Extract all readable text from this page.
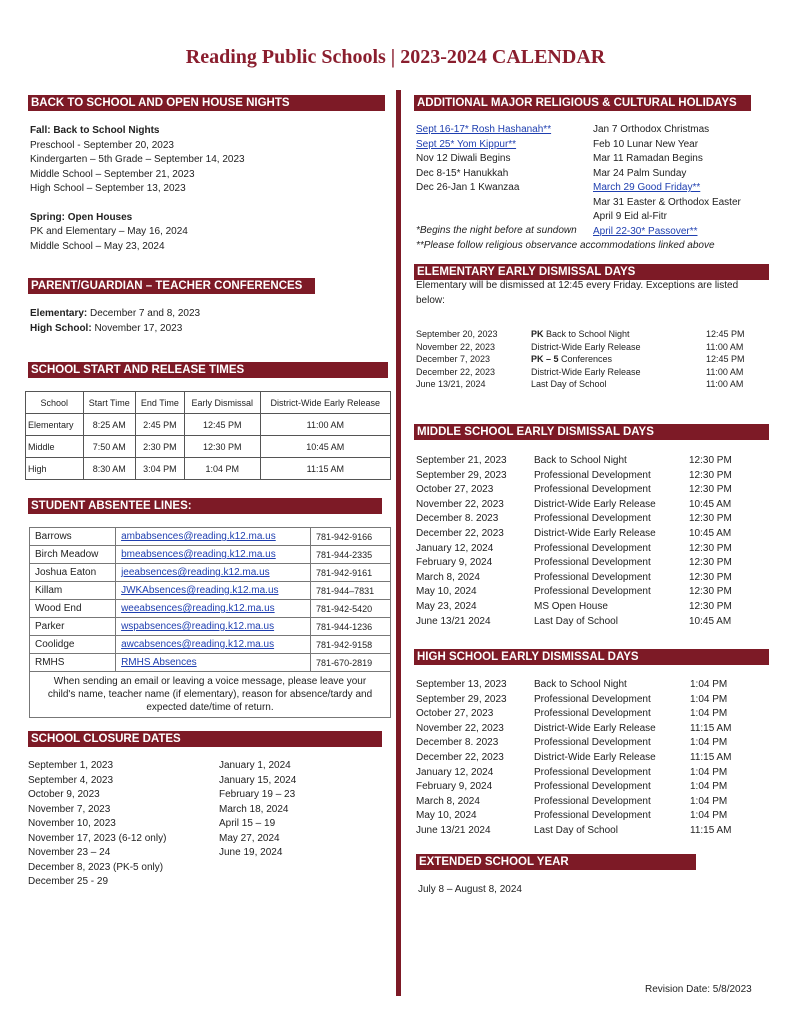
Reading Public Schools | 2023-2024 CALENDAR
BACK TO SCHOOL AND OPEN HOUSE NIGHTS
Fall: Back to School Nights
Preschool - September 20, 2023
Kindergarten – 5th Grade – September 14, 2023
Middle School – September 21, 2023
High School – September 13, 2023
Spring: Open Houses
PK and Elementary – May 16, 2024
Middle School – May 23, 2024
PARENT/GUARDIAN – TEACHER CONFERENCES
Elementary: December 7 and 8, 2023
High School: November 17, 2023
SCHOOL START AND RELEASE TIMES
School	Start Time	End Time	Early Dismissal	District-Wide Early Release
Elementary	8:25 AM	2:45 PM	12:45 PM	11:00 AM
Middle	7:50 AM	2:30 PM	12:30 PM	10:45 AM
High	8:30 AM	3:04 PM	1:04 PM	11:15 AM
STUDENT ABSENTEE LINES:
Barrows	ambabsences@reading.k12.ma.us	781-942-9166
Birch Meadow	bmeabsences@reading.k12.ma.us	781-944-2335
Joshua Eaton	jeeabsences@reading.k12.ma.us	781-942-9161
Killam	JWKAbsences@reading.k12.ma.us	781-944–7831
Wood End	weeabsences@reading.k12.ma.us	781-942-5420
Parker	wspabsences@reading.k12.ma.us	781-944-1236
Coolidge	awcabsences@reading.k12.ma.us	781-942-9158
RMHS	RMHS Absences	781-670-2819
When sending an email or leaving a voice message, please leave your child's name, teacher name (if elementary), reason for absence/tardy and expected date/time of return.		
SCHOOL CLOSURE DATES
September 1, 2023
September 4, 2023
October 9, 2023
November 7, 2023
November 10, 2023
November 17, 2023 (6-12 only)
November 23 – 24
December 8, 2023 (PK-5 only)
December 25 - 29
January 1, 2024
January 15, 2024
February 19 – 23
March 18, 2024
April 15 – 19
May 27, 2024
June 19, 2024
ADDITIONAL MAJOR RELIGIOUS & CULTURAL HOLIDAYS
Sept 16-17* Rosh Hashanah**
Sept 25* Yom Kippur**
Nov 12 Diwali Begins
Dec 8-15* Hanukkah
Dec 26-Jan 1 Kwanzaa
Jan 7 Orthodox Christmas
Feb 10 Lunar New Year
Mar 11 Ramadan Begins
Mar 24 Palm Sunday
March 29 Good Friday**
Mar 31 Easter & Orthodox Easter
April 9 Eid al-Fitr
April 22-30* Passover**
*Begins the night before at sundown
**Please follow religious observance accommodations linked above
ELEMENTARY EARLY DISMISSAL DAYS
Elementary will be dismissed at 12:45 every Friday. Exceptions are listed below:
September 20, 2023	PK Back to School Night	12:45 PM
November 22, 2023	District-Wide Early Release	11:00 AM
December 7, 2023	PK – 5 Conferences	12:45 PM
December 22, 2023	District-Wide Early Release	11:00 AM
June 13/21, 2024	Last Day of School	11:00 AM
MIDDLE SCHOOL EARLY DISMISSAL DAYS
September 21, 2023	Back to School Night	12:30 PM
September 29, 2023	Professional Development	12:30 PM
October 27, 2023	Professional Development	12:30 PM
November 22, 2023	District-Wide Early Release	10:45 AM
December 8. 2023	Professional Development	12:30 PM
December 22, 2023	District-Wide Early Release	10:45 AM
January 12, 2024	Professional Development	12:30 PM
February 9, 2024	Professional Development	12:30 PM
March 8, 2024	Professional Development	12:30 PM
May 10, 2024	Professional Development	12:30 PM
May 23, 2024	MS Open House	12:30 PM
June 13/21 2024	Last Day of School	10:45 AM
HIGH SCHOOL EARLY DISMISSAL DAYS
September 13, 2023	Back to School Night	1:04 PM
September 29, 2023	Professional Development	1:04 PM
October 27, 2023	Professional Development	1:04 PM
November 22, 2023	District-Wide Early Release	11:15 AM
December 8. 2023	Professional Development	1:04 PM
December 22, 2023	District-Wide Early Release	11:15 AM
January 12, 2024	Professional Development	1:04 PM
February 9, 2024	Professional Development	1:04 PM
March 8, 2024	Professional Development	1:04 PM
May 10, 2024	Professional Development	1:04 PM
June 13/21 2024	Last Day of School	11:15 AM
EXTENDED SCHOOL YEAR
July 8 – August 8, 2024
Revision Date: 5/8/2023
